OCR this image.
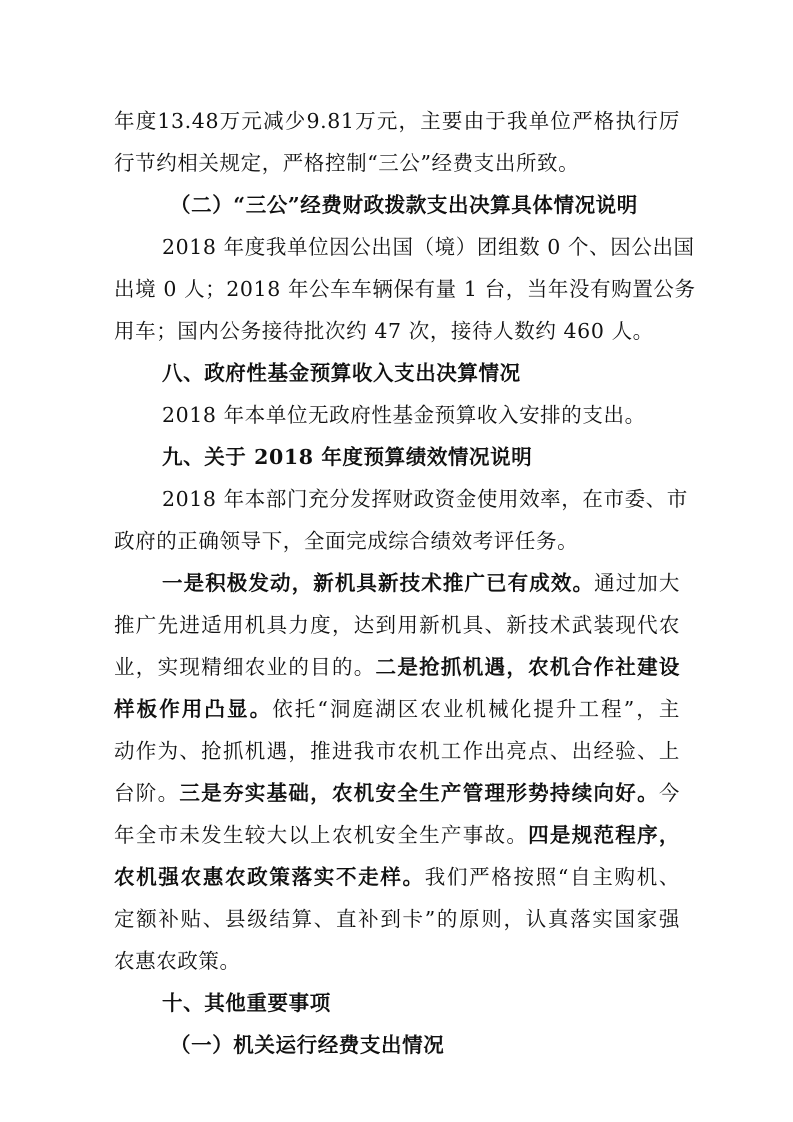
年度13.48万元减少9.81万元，主要由于我单位严格执行厉
行节约相关规定，严格控制“三公”经费支出所致。
（二）“三公”经费财政拨款支出决算具体情况说明
2018 年度我单位因公出国（境）团组数 0 个、因公出国
出境 0 人；2018 年公车车辆保有量 1 台，当年没有购置公务
用车；国内公务接待批次约 47 次，接待人数约 460 人。
八、政府性基金预算收入支出决算情况
2018 年本单位无政府性基金预算收入安排的支出。
九、关于 2018 年度预算绩效情况说明
2018 年本部门充分发挥财政资金使用效率，在市委、市
政府的正确领导下，全面完成综合绩效考评任务。
一是积极发动，新机具新技术推广已有成效。通过加大
推广先进适用机具力度，达到用新机具、新技术武装现代农
业，实现精细农业的目的。二是抢抓机遇，农机合作社建设
样板作用凸显。依托“洞庭湖区农业机械化提升工程”，主
动作为、抢抓机遇，推进我市农机工作出亮点、出经验、上
台阶。三是夯实基础，农机安全生产管理形势持续向好。今
年全市未发生较大以上农机安全生产事故。四是规范程序，
农机强农惠农政策落实不走样。我们严格按照“自主购机、
定额补贴、县级结算、直补到卡”的原则，认真落实国家强
农惠农政策。
十、其他重要事项
（一）机关运行经费支出情况
